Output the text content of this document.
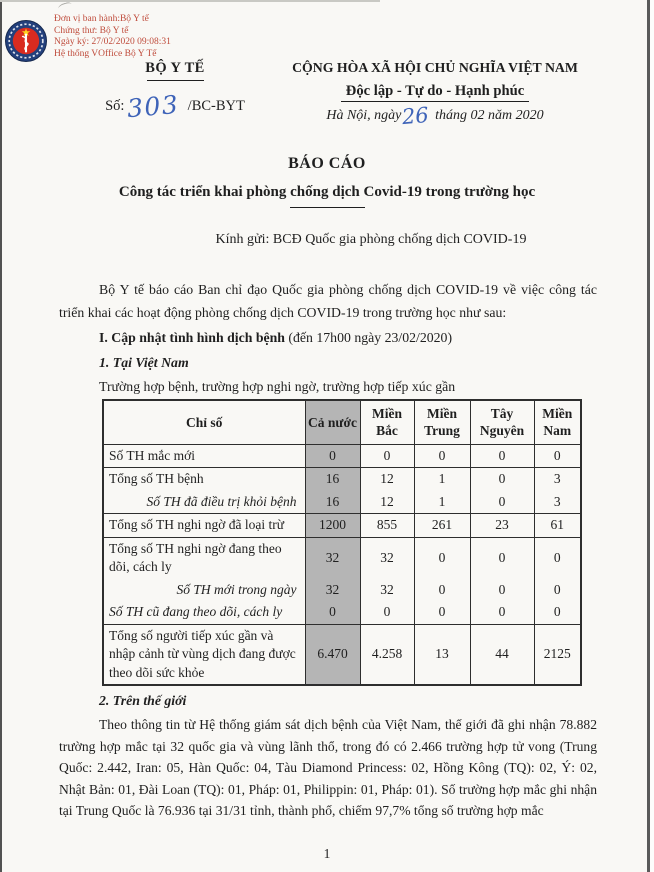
Đơn vị ban hành:Bộ Y tế
Chứng thư: Bộ Y tế
Ngày ký: 27/02/2020 09:08:31
Hệ thống VOffice Bộ Y Tế
BỘ Y TẾ
Số:303 /BC-BYT
CỘNG HÒA XÃ HỘI CHỦ NGHĨA VIỆT NAM
Độc lập - Tự do - Hạnh phúc
Hà Nội, ngày26 tháng 02 năm 2020
BÁO CÁO
Công tác triển khai phòng chống dịch Covid-19 trong trường học
Kính gửi: BCĐ Quốc gia phòng chống dịch COVID-19

Bộ Y tế báo cáo Ban chỉ đạo Quốc gia phòng chống dịch COVID-19 về việc công tác triển khai các hoạt động phòng chống dịch COVID-19 trong trường học như sau:

I. Cập nhật tình hình dịch bệnh (đến 17h00 ngày 23/02/2020)

1. Tại Việt Nam

Trường hợp bệnh, trường hợp nghi ngờ, trường hợp tiếp xúc gần

Chỉ số	Cả nước	Miền Bắc	Miền Trung	Tây Nguyên	Miền Nam
Số TH mắc mới	0	0	0	0	0
Tổng số TH bệnh	16	12	1	0	3
Số TH đã điều trị khỏi bệnh	16	12	1	0	3
Tổng số TH nghi ngờ đã loại trừ	1200	855	261	23	61
Tổng số TH nghi ngờ đang theo dõi, cách ly	32	32	0	0	0
Số TH mới trong ngày	32	32	0	0	0
Số TH cũ đang theo dõi, cách ly	0	0	0	0	0
Tổng số người tiếp xúc gần và nhập cảnh từ vùng dịch đang được theo dõi sức khỏe	6.470	4.258	13	44	2125

2. Trên thế giới

Theo thông tin từ Hệ thống giám sát dịch bệnh của Việt Nam, thế giới đã ghi nhận 78.882 trường hợp mắc tại 32 quốc gia và vùng lãnh thổ, trong đó có 2.466 trường hợp tử vong (Trung Quốc: 2.442, Iran: 05, Hàn Quốc: 04, Tàu Diamond Princess: 02, Hồng Kông (TQ): 02, Ý: 02, Nhật Bản: 01, Đài Loan (TQ): 01, Pháp: 01, Philippin: 01, Pháp: 01). Số trường hợp mắc ghi nhận tại Trung Quốc là 76.936 tại 31/31 tỉnh, thành phố, chiếm 97,7% tổng số trường hợp mắc

1
